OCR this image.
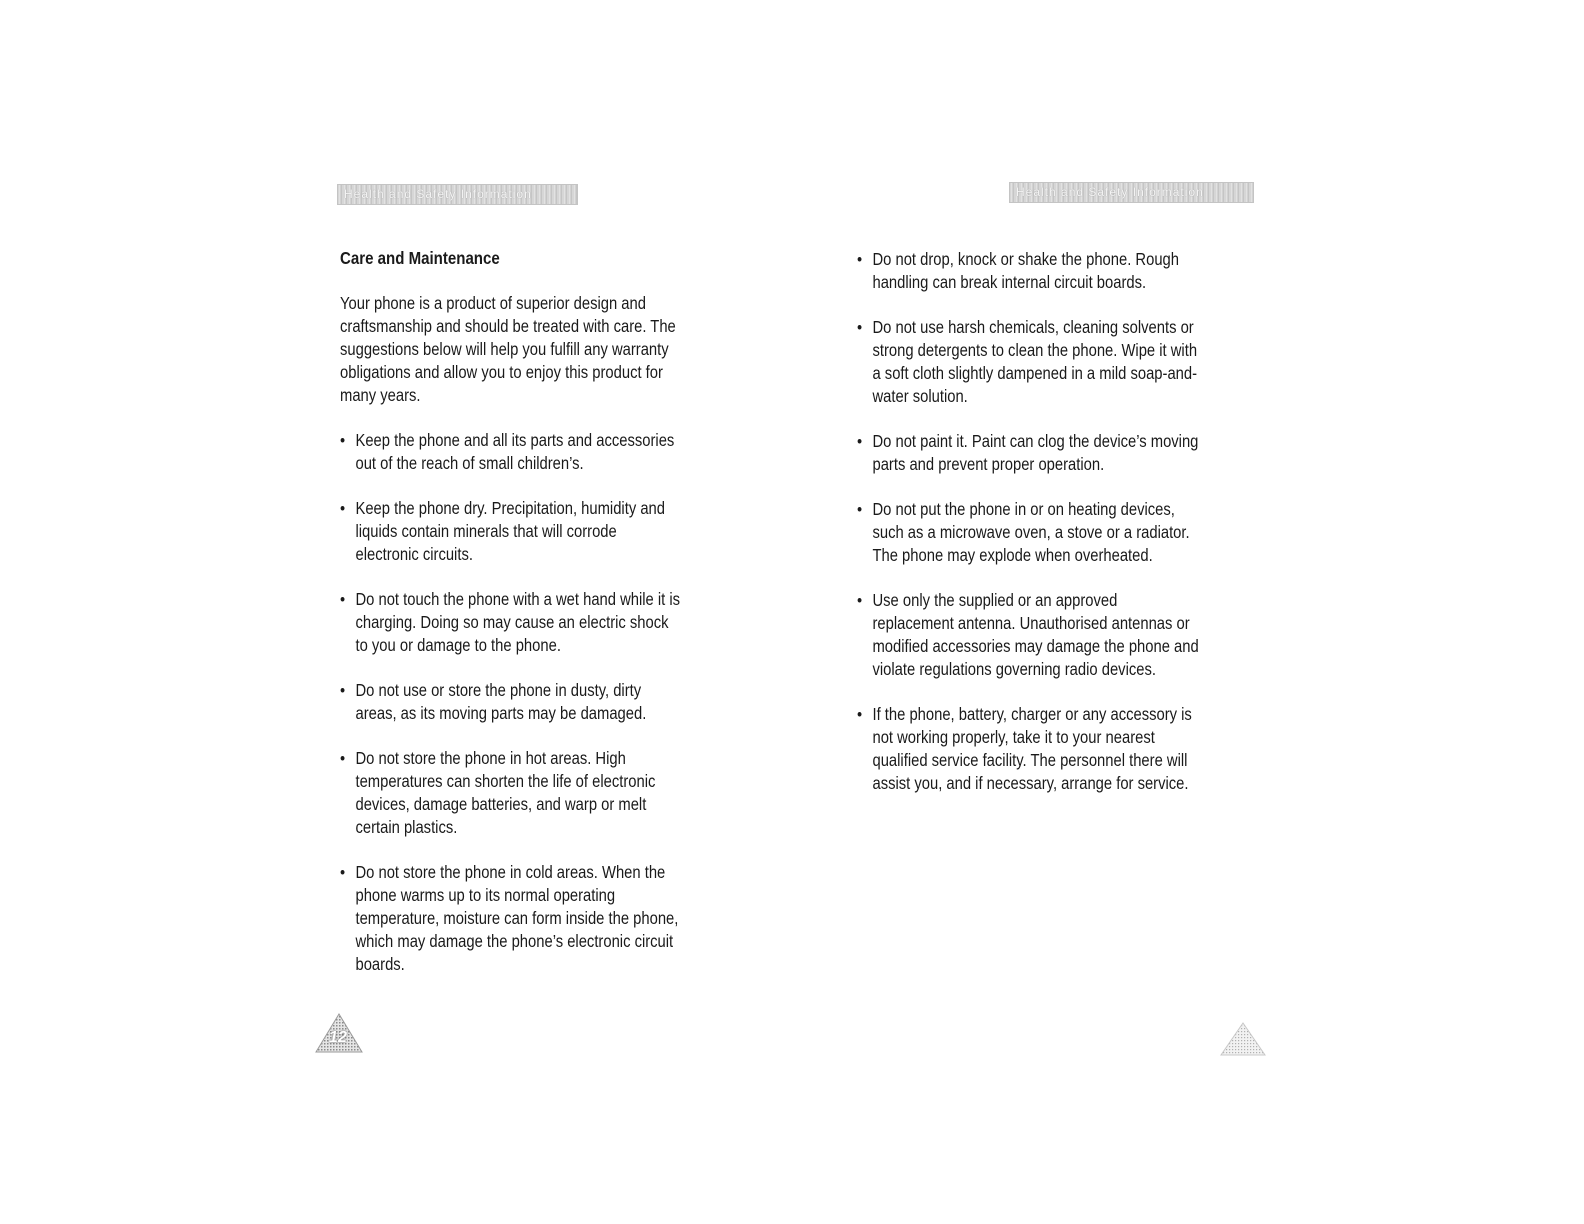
Health and Safety Information	Health and Safety Information
Care and Maintenance

Your phone is a product of superior design and craftsmanship and should be treated with care. The suggestions below will help you fulfill any warranty obligations and allow you to enjoy this product for many years.

• Keep the phone and all its parts and accessories out of the reach of small children’s.
• Keep the phone dry. Precipitation, humidity and liquids contain minerals that will corrode electronic circuits.
• Do not touch the phone with a wet hand while it is charging. Doing so may cause an electric shock to you or damage to the phone.
• Do not use or store the phone in dusty, dirty areas, as its moving parts may be damaged.
• Do not store the phone in hot areas. High temperatures can shorten the life of electronic devices, damage batteries, and warp or melt certain plastics.
• Do not store the phone in cold areas. When the phone warms up to its normal operating temperature, moisture can form inside the phone, which may damage the phone’s electronic circuit boards.
• Do not drop, knock or shake the phone. Rough handling can break internal circuit boards.
• Do not use harsh chemicals, cleaning solvents or strong detergents to clean the phone. Wipe it with a soft cloth slightly dampened in a mild soap-and-water solution.
• Do not paint it. Paint can clog the device’s moving parts and prevent proper operation.
• Do not put the phone in or on heating devices, such as a microwave oven, a stove or a radiator. The phone may explode when overheated.
• Use only the supplied or an approved replacement antenna. Unauthorised antennas or modified accessories may damage the phone and violate regulations governing radio devices.
• If the phone, battery, charger or any accessory is not working properly, take it to your nearest qualified service facility. The personnel there will assist you, and if necessary, arrange for service.
12
